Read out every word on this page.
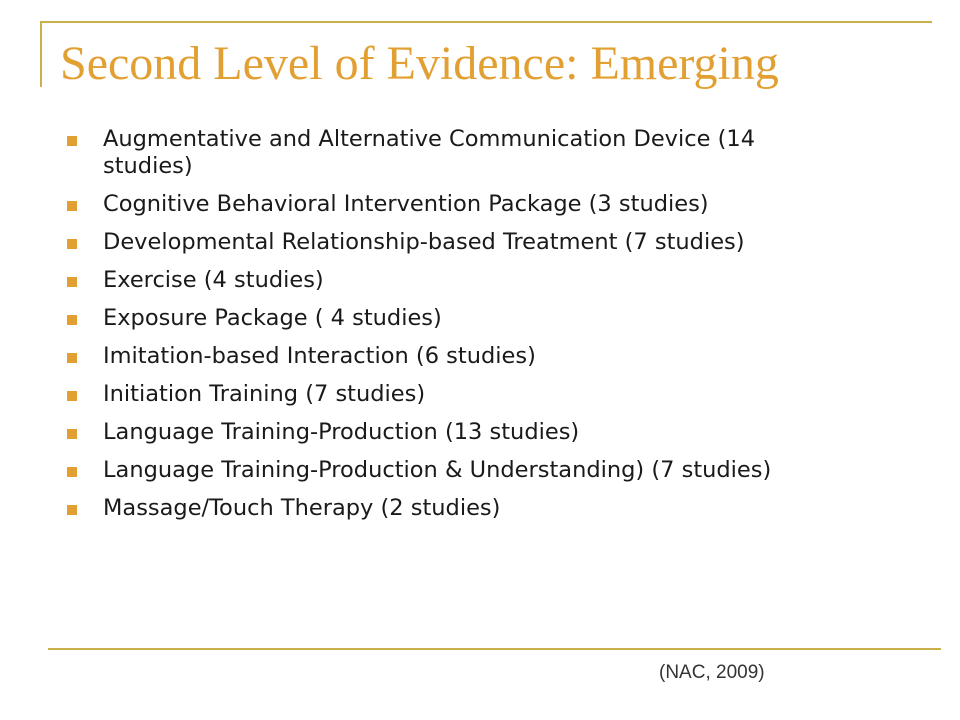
Second Level of Evidence: Emerging
Augmentative and Alternative Communication Device (14 studies)
Cognitive Behavioral Intervention Package (3 studies)
Developmental Relationship-based Treatment (7 studies)
Exercise (4 studies)
Exposure Package ( 4 studies)
Imitation-based Interaction (6 studies)
Initiation Training (7 studies)
Language Training-Production (13 studies)
Language Training-Production & Understanding) (7 studies)
Massage/Touch Therapy (2 studies)

(NAC, 2009)
